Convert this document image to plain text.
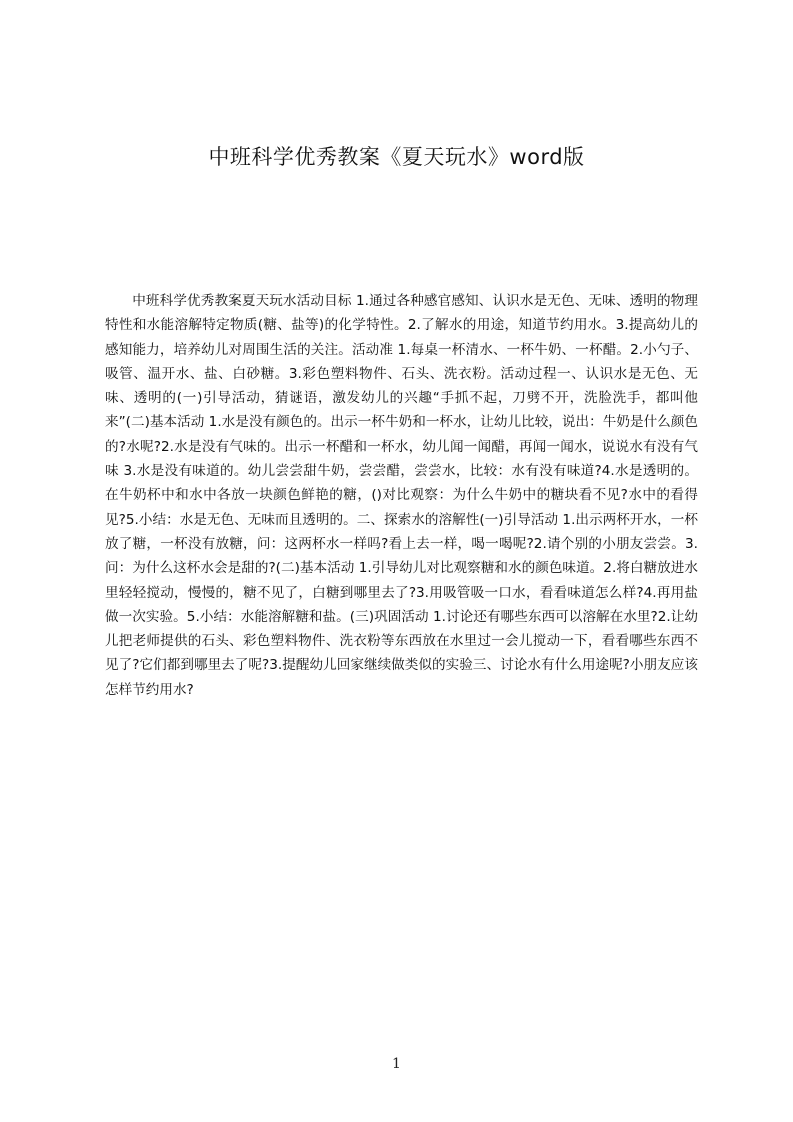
中班科学优秀教案《夏天玩水》word版
中班科学优秀教案夏天玩水活动目标 1.通过各种感官感知、认识水是无色、无味、透明的物理特性和水能溶解特定物质(糖、盐等)的化学特性。2.了解水的用途，知道节约用水。3.提高幼儿的感知能力，培养幼儿对周围生活的关注。活动准 1.每桌一杯清水、一杯牛奶、一杯醋。2.小勺子、吸管、温开水、盐、白砂糖。3.彩色塑料物件、石头、洗衣粉。活动过程一、认识水是无色、无味、透明的(一)引导活动，猜谜语，激发幼儿的兴趣“手抓不起，刀劈不开，洗脸洗手，都叫他来”(二)基本活动 1.水是没有颜色的。出示一杯牛奶和一杯水，让幼儿比较，说出：牛奶是什么颜色的?水呢?2.水是没有气味的。出示一杯醋和一杯水，幼儿闻一闻醋，再闻一闻水，说说水有没有气味 3.水是没有味道的。幼儿尝尝甜牛奶，尝尝醋，尝尝水，比较：水有没有味道?4.水是透明的。在牛奶杯中和水中各放一块颜色鲜艳的糖，()对比观察：为什么牛奶中的糖块看不见?水中的看得见?5.小结：水是无色、无味而且透明的。二、探索水的溶解性(一)引导活动 1.出示两杯开水，一杯放了糖，一杯没有放糖，问：这两杯水一样吗?看上去一样，喝一喝呢?2.请个别的小朋友尝尝。3.问：为什么这杯水会是甜的?(二)基本活动 1.引导幼儿对比观察糖和水的颜色味道。2.将白糖放进水里轻轻搅动，慢慢的，糖不见了，白糖到哪里去了?3.用吸管吸一口水，看看味道怎么样?4.再用盐做一次实验。5.小结：水能溶解糖和盐。(三)巩固活动 1.讨论还有哪些东西可以溶解在水里?2.让幼儿把老师提供的石头、彩色塑料物件、洗衣粉等东西放在水里过一会儿搅动一下，看看哪些东西不见了?它们都到哪里去了呢?3.提醒幼儿回家继续做类似的实验三、讨论水有什么用途呢?小朋友应该怎样节约用水?
1
